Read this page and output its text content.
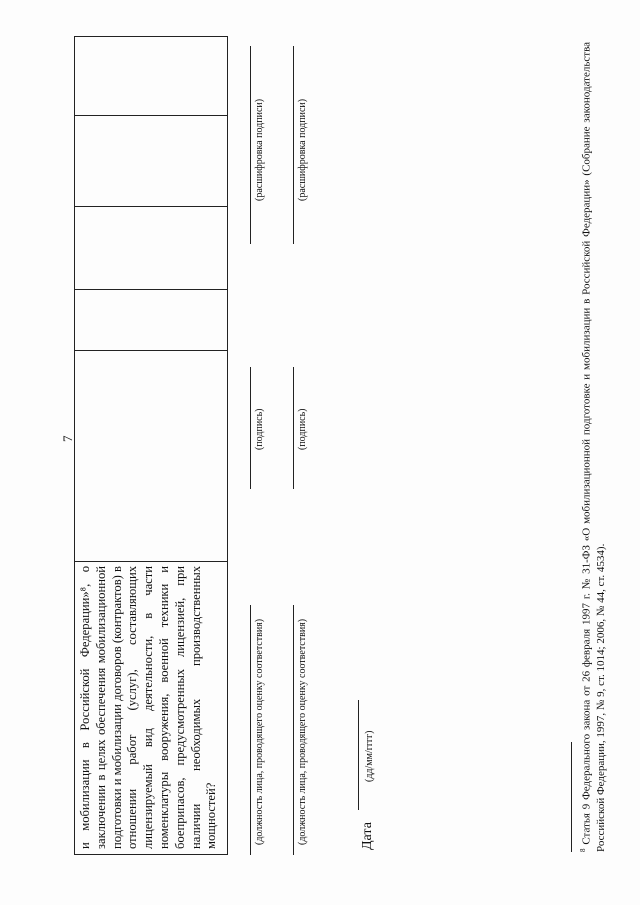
7
и мобилизации в Российской Федерации»⁸, о заключении в целях обеспечения мобилизационной подготовки и мобилизации договоров (контрактов) в отношении работ (услуг), составляющих лицензируемый вид деятельности, в части номенклатуры вооружения, военной техники и боеприпасов, предусмотренных лицензией, при наличии необходимых производственных мощностей?
						(должность лица, проводящего оценку соответствия)
(подпись)
(расшифровка подписи)
(должность лица, проводящего оценку соответствия)
(подпись)
(расшифровка подписи)
Дата
(дд/мм/гггг)
$^8$ Статья 9 Федерального закона от 26 февраля 1997 г. № 31-ФЗ «О мобилизационной подготовке и мобилизации в Российской Федерации» (Собрание законодательства Российской Федерации, 1997, № 9, ст. 1014; 2006, № 44, ст. 4534).
